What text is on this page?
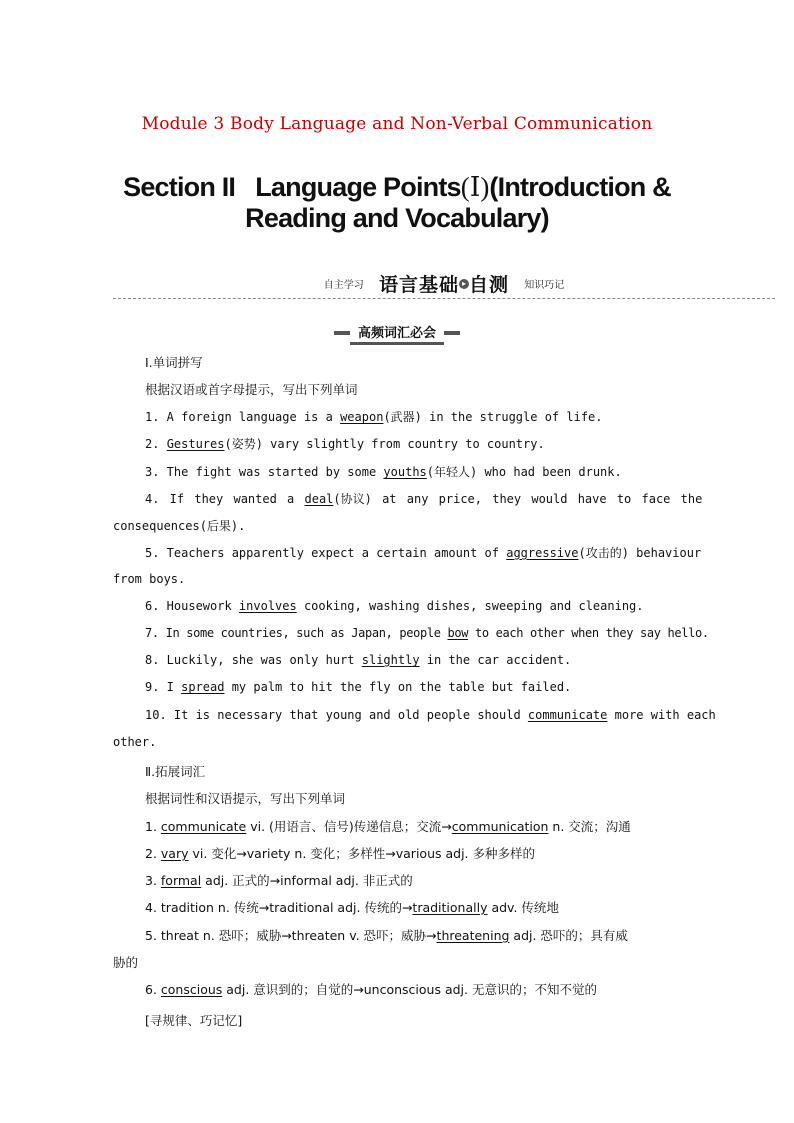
Module 3 Body Language and Non-Verbal Communication
Section II   Language Points(Ⅰ)(Introduction &
Reading and Vocabulary)
自主学习 语言基础 ▸ 自测 知识巧记
高频词汇必会
Ⅰ.单词拼写
根据汉语或首字母提示，写出下列单词
1. A foreign language is a weapon(武器) in the struggle of life.
2. Gestures(姿势) vary slightly from country to country.
3. The fight was started by some youths(年轻人) who had been drunk.
4. If they wanted a deal(协议) at any price, they would have to face the
consequences(后果).
5. Teachers apparently expect a certain amount of aggressive(攻击的) behaviour
from boys.
6. Housework involves cooking, washing dishes, sweeping and cleaning.
7. In some countries, such as Japan, people bow to each other when they say hello.
8. Luckily, she was only hurt slightly in the car accident.
9. I spread my palm to hit the fly on the table but failed.
10. It is necessary that young and old people should communicate more with each
other.
Ⅱ.拓展词汇
根据词性和汉语提示，写出下列单词
1. communicate vi. (用语言、信号)传递信息；交流→communication n. 交流；沟通
2. vary vi. 变化→variety n. 变化；多样性→various adj. 多种多样的
3. formal adj. 正式的→informal adj. 非正式的
4. tradition n. 传统→traditional adj. 传统的→traditionally adv. 传统地
5. threat n. 恐吓；威胁→threaten v. 恐吓；威胁→threatening adj. 恐吓的；具有威
胁的
6. conscious adj. 意识到的；自觉的→unconscious adj. 无意识的；不知不觉的
[寻规律、巧记忆]
